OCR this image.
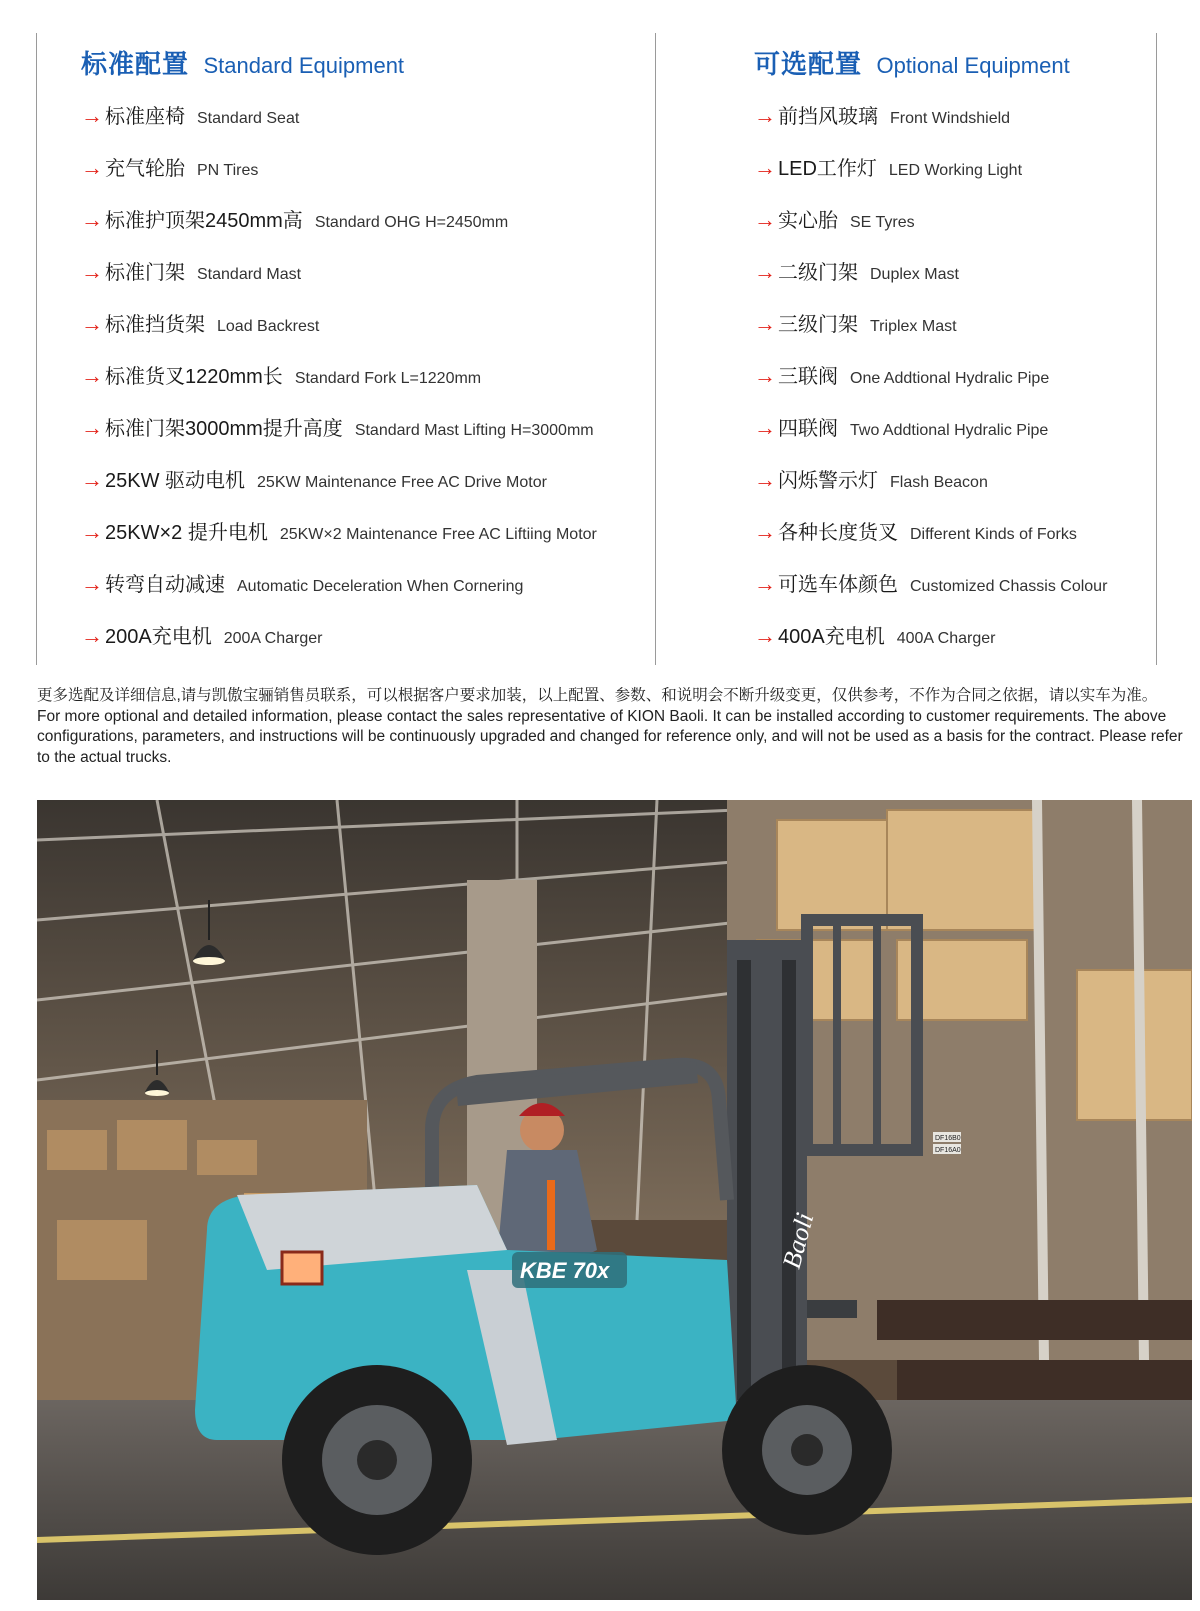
标准配置 Standard Equipment
→ 标准座椅 Standard Seat
→ 充气轮胎 PN Tires
→ 标准护顶架2450mm高 Standard OHG H=2450mm
→ 标准门架 Standard Mast
→ 标准挡货架 Load Backrest
→ 标准货叉1220mm长 Standard Fork L=1220mm
→ 标准门架3000mm提升高度 Standard Mast Lifting H=3000mm
→ 25KW 驱动电机 25KW Maintenance Free AC Drive Motor
→ 25KW×2 提升电机 25KW×2 Maintenance Free AC Liftiing Motor
→ 转弯自动减速 Automatic Deceleration When Cornering
→ 200A充电机 200A Charger
可选配置 Optional Equipment
→ 前挡风玻璃 Front Windshield
→ LED工作灯 LED Working Light
→ 实心胎 SE Tyres
→ 二级门架 Duplex Mast
→ 三级门架 Triplex Mast
→ 三联阀 One Addtional Hydralic Pipe
→ 四联阀 Two Addtional Hydralic Pipe
→ 闪烁警示灯 Flash Beacon
→ 各种长度货叉 Different Kinds of Forks
→ 可选车体颜色 Customized Chassis Colour
→ 400A充电机 400A Charger

更多选配及详细信息,请与凯傲宝骊销售员联系，可以根据客户要求加装，以上配置、参数、和说明会不断升级变更，仅供参考，不作为合同之依据，请以实车为准。

For more optional and detailed information, please contact the sales representative of KION Baoli. It can be installed according to customer requirements. The above configurations, parameters, and instructions will be continuously upgraded and changed for reference only, and will not be used as a basis for the contract. Please refer to the actual trucks.

DF16B0
DF16A0
Baoli
KBE 70x
